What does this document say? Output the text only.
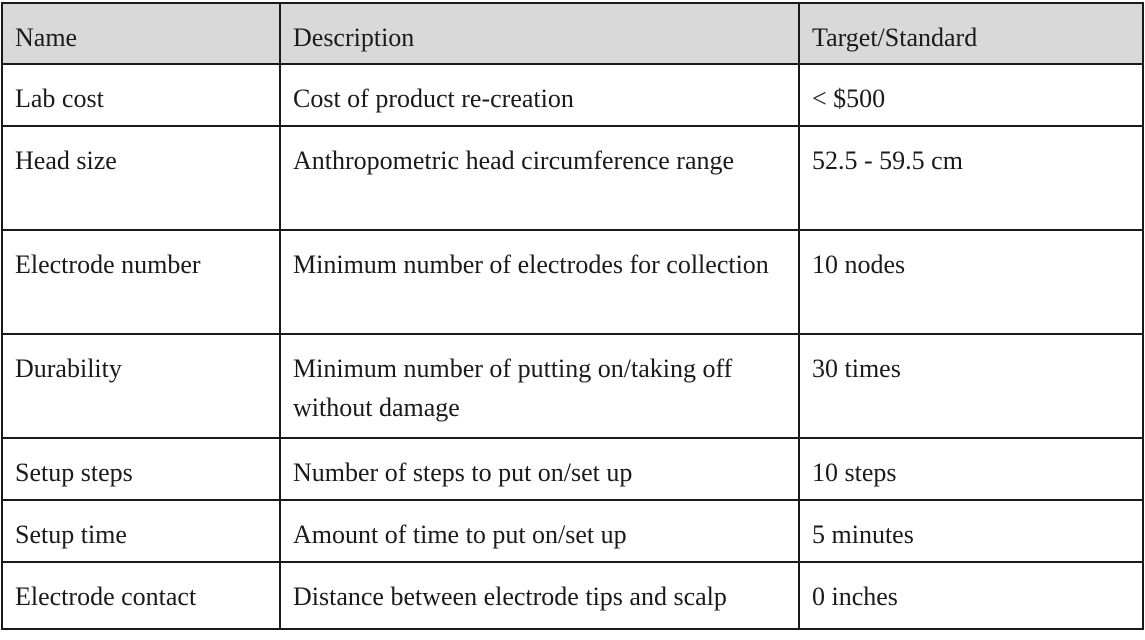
Name	Description	Target/Standard
Lab cost	Cost of product re-creation	< $500
Head size	Anthropometric head circumference range	52.5 - 59.5 cm
Electrode number	Minimum number of electrodes for collection	10 nodes
Durability	Minimum number of putting on/taking off without damage	30 times
Setup steps	Number of steps to put on/set up	10 steps
Setup time	Amount of time to put on/set up	5 minutes
Electrode contact	Distance between electrode tips and scalp	0 inches
